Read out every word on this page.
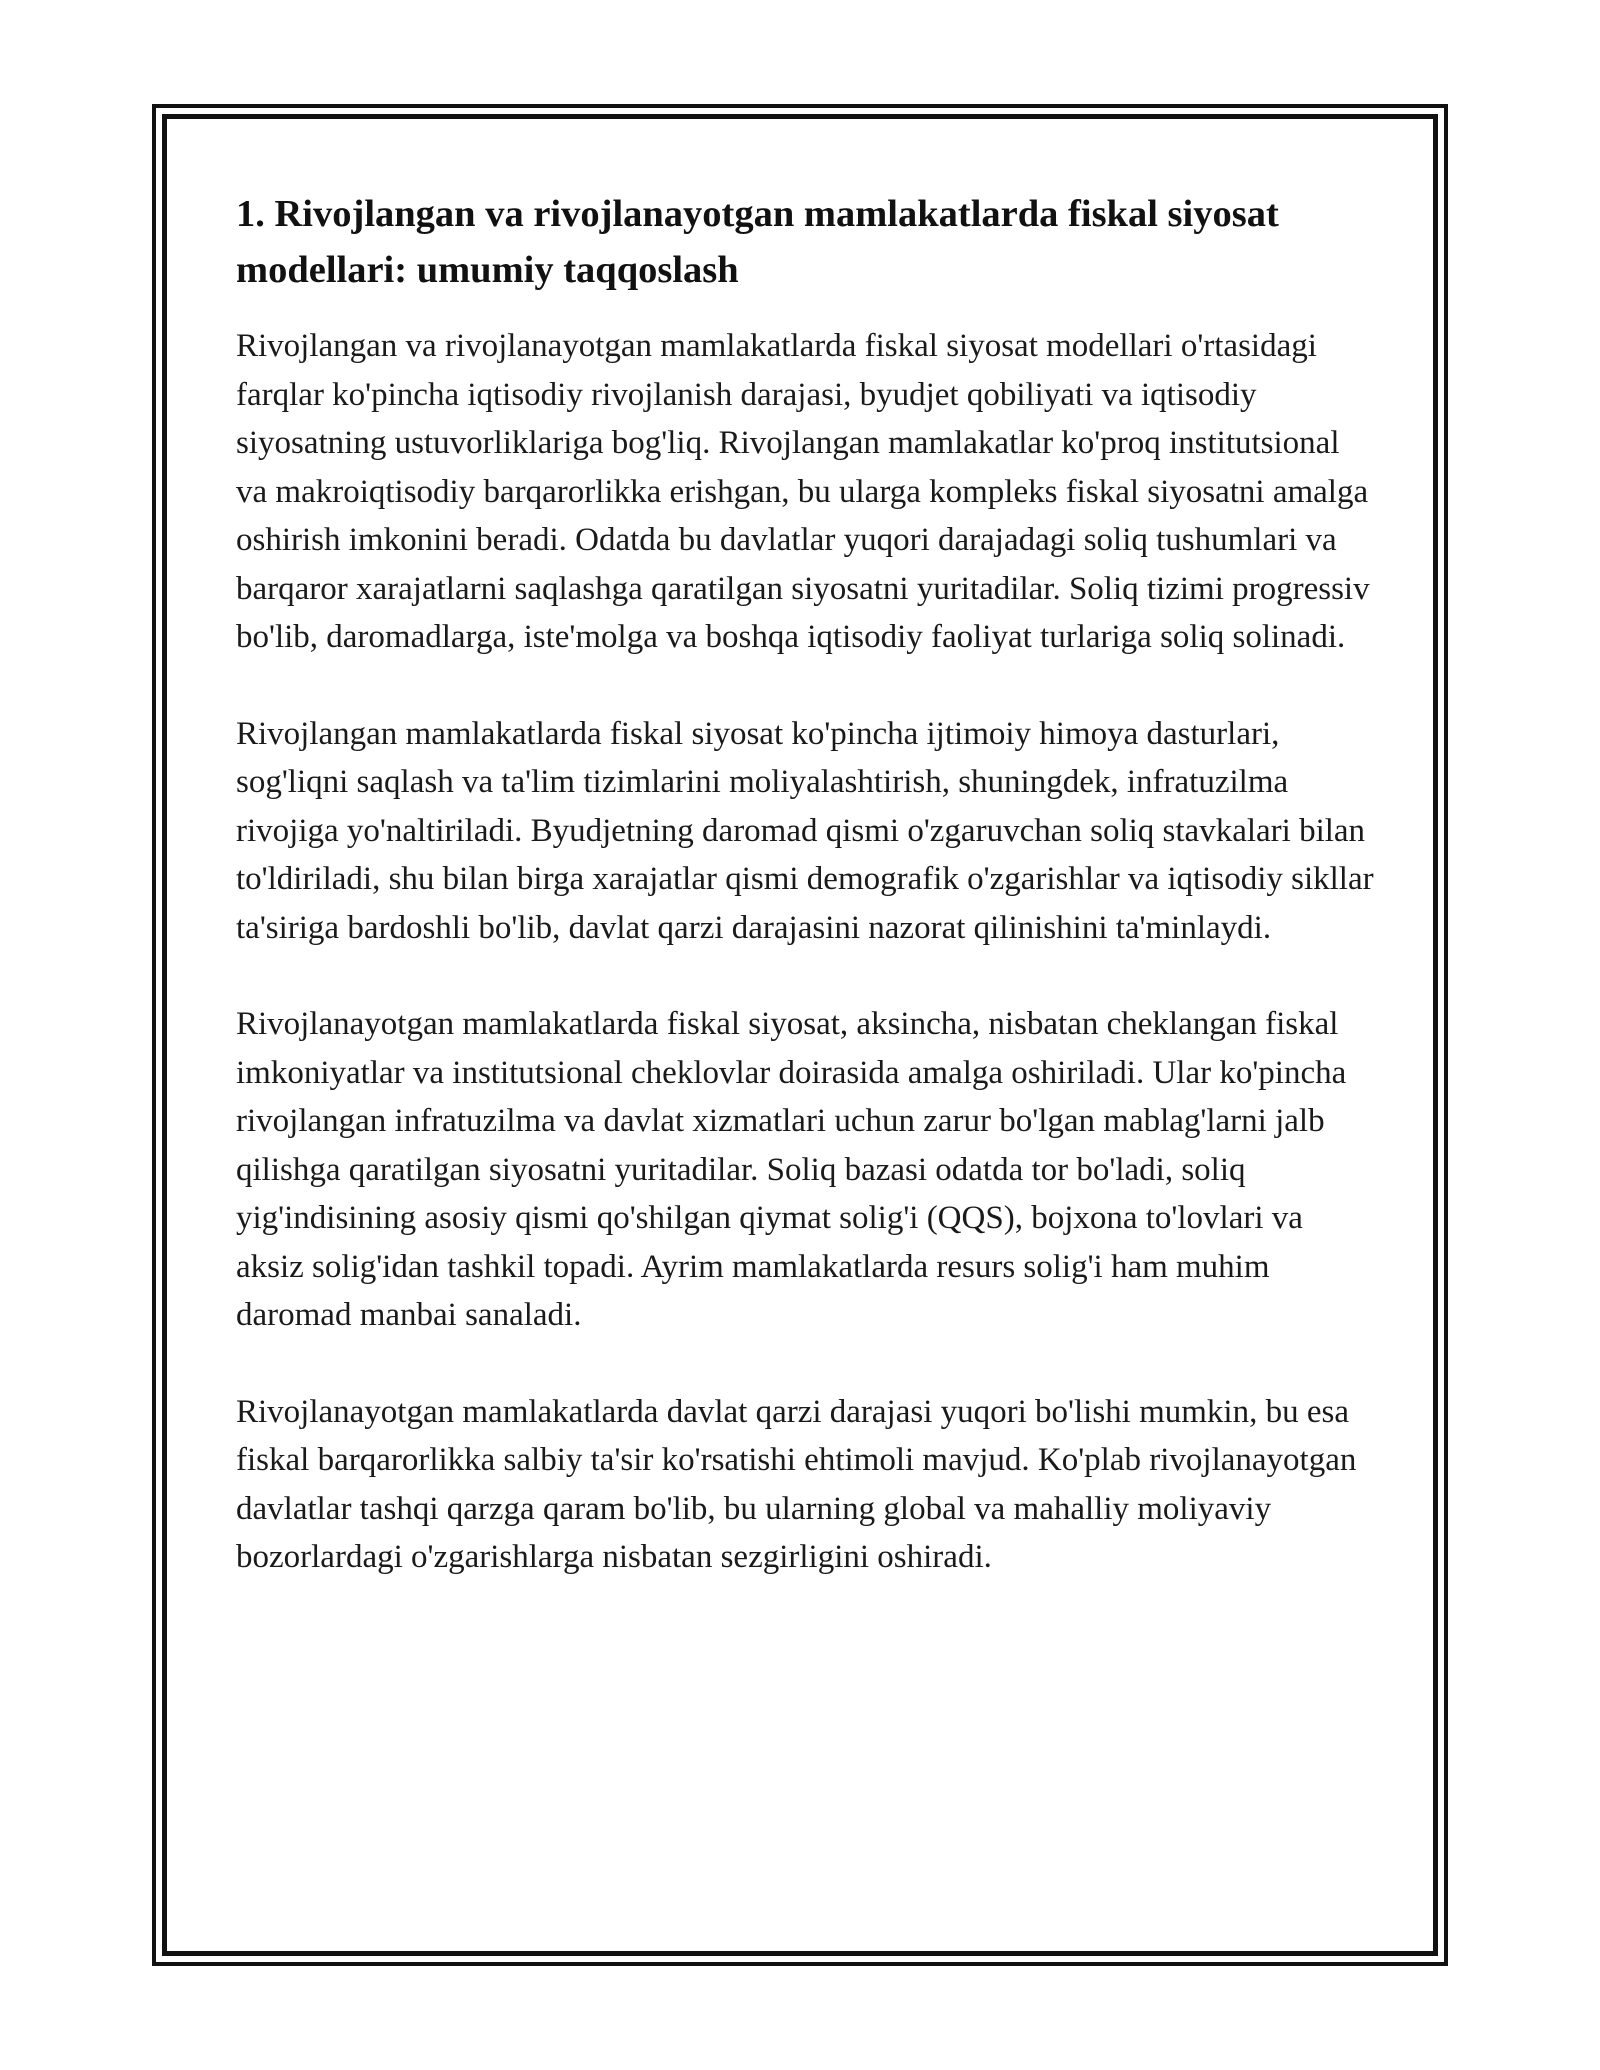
1. Rivojlangan va rivojlanayotgan mamlakatlarda fiskal siyosat modellari: umumiy taqqoslash

Rivojlangan va rivojlanayotgan mamlakatlarda fiskal siyosat modellari o'rtasidagi farqlar ko'pincha iqtisodiy rivojlanish darajasi, byudjet qobiliyati va iqtisodiy siyosatning ustuvorliklariga bog'liq. Rivojlangan mamlakatlar ko'proq institutsional va makroiqtisodiy barqarorlikka erishgan, bu ularga kompleks fiskal siyosatni amalga oshirish imkonini beradi. Odatda bu davlatlar yuqori darajadagi soliq tushumlari va barqaror xarajatlarni saqlashga qaratilgan siyosatni yuritadilar. Soliq tizimi progressiv bo'lib, daromadlarga, iste'molga va boshqa iqtisodiy faoliyat turlariga soliq solinadi.

Rivojlangan mamlakatlarda fiskal siyosat ko'pincha ijtimoiy himoya dasturlari, sog'liqni saqlash va ta'lim tizimlarini moliyalashtirish, shuningdek, infratuzilma rivojiga yo'naltiriladi. Byudjetning daromad qismi o'zgaruvchan soliq stavkalari bilan to'ldiriladi, shu bilan birga xarajatlar qismi demografik o'zgarishlar va iqtisodiy sikllar ta'siriga bardoshli bo'lib, davlat qarzi darajasini nazorat qilinishini ta'minlaydi.

Rivojlanayotgan mamlakatlarda fiskal siyosat, aksincha, nisbatan cheklangan fiskal imkoniyatlar va institutsional cheklovlar doirasida amalga oshiriladi. Ular ko'pincha rivojlangan infratuzilma va davlat xizmatlari uchun zarur bo'lgan mablag'larni jalb qilishga qaratilgan siyosatni yuritadilar. Soliq bazasi odatda tor bo'ladi, soliq yig'indisining asosiy qismi qo'shilgan qiymat solig'i (QQS), bojxona to'lovlari va aksiz solig'idan tashkil topadi. Ayrim mamlakatlarda resurs solig'i ham muhim daromad manbai sanaladi.

Rivojlanayotgan mamlakatlarda davlat qarzi darajasi yuqori bo'lishi mumkin, bu esa fiskal barqarorlikka salbiy ta'sir ko'rsatishi ehtimoli mavjud. Ko'plab rivojlanayotgan davlatlar tashqi qarzga qaram bo'lib, bu ularning global va mahalliy moliyaviy bozorlardagi o'zgarishlarga nisbatan sezgirligini oshiradi.
